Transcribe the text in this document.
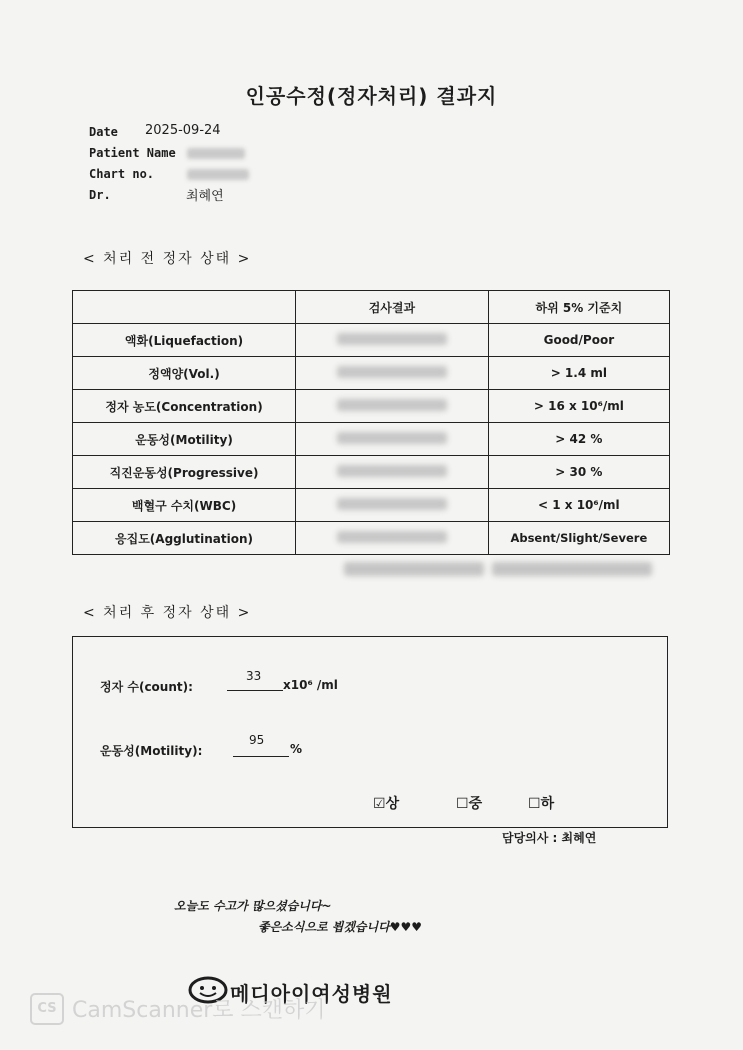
인공수정(정자처리) 결과지
Date 2025-09-24
Patient Name
Chart no.
Dr.	최혜연
< 처리 전 정자 상태 >
	검사결과	하위 5% 기준치
액화(Liquefaction)		Good/Poor
정액양(Vol.)		> 1.4 ml
정자 농도(Concentration)		> 16 x 10⁶/ml
운동성(Motility)		> 42 %
직진운동성(Progressive)		> 30 %
백혈구 수치(WBC)		< 1 x 10⁶/ml
응집도(Agglutination)		Absent/Slight/Severe
< 처리 후 정자 상태 >
정자 수(count):
33
x10⁶ /ml
운동성(Motility):
95
%
☑상	☐중	☐하
담당의사 : 최혜연
오늘도 수고가 많으셨습니다~
좋은소식으로 뵙겠습니다♥♥♥
메디아이여성병원
CS CamScanner로 스캔하기
